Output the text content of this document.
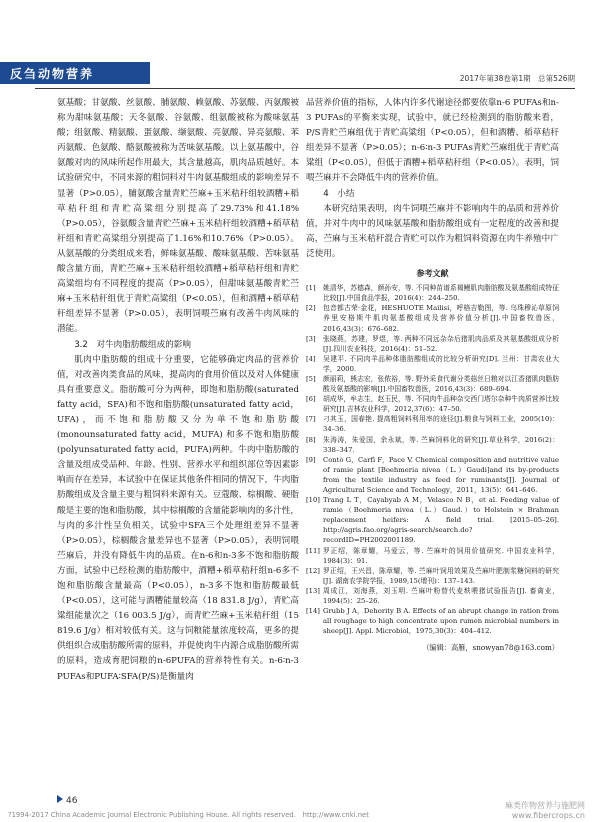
反刍动物营养	2017年第38卷第1期　总第526期

氨基酸；甘氨酸、丝氨酸、脯氨酸、赖氨酸、苏氨酸、丙氨酸被称为甜味氨基酸；天冬氨酸、谷氨酸、组氨酸被称为酸味氨基酸；组氨酸、精氨酸、蛋氨酸、缬氨酸、亮氨酸、异亮氨酸、苯丙氨酸、色氨酸、酪氨酸被称为苦味氨基酸。以上氨基酸中，谷氨酸对肉的风味所起作用最大，其含量越高，肌肉品质越好。本试验研究中，不同来源的粗饲料对牛肉氨基酸组成的影响差异不显著（P>0.05），脯氨酸含量青贮苎麻+玉米秸秆组较酒糟+稻草秸秆组和青贮高粱组分别提高了29.73%和41.18%（P>0.05），谷氨酸含量青贮苎麻+玉米秸秆组较酒糟+稻草秸秆组和青贮高粱组分别提高了1.16%和10.76%（P>0.05）。从氨基酸的分类组成来看，鲜味氨基酸、酸味氨基酸、苦味氨基酸含量方面，青贮苎麻+玉米秸秆组较酒糟+稻草秸秆组和青贮高粱组均有不同程度的提高（P>0.05），但甜味氨基酸青贮苎麻+玉米秸秆组优于青贮高粱组（P<0.05），但和酒糟+稻草秸秆组差异不显著（P>0.05），表明饲喂苎麻有改善牛肉风味的潜能。

3.2　对牛肉脂肪酸组成的影响

肌肉中脂肪酸的组成十分重要，它能够确定肉品的营养价值，对改善肉类食品的风味，提高肉的食用价值以及对人体健康具有重要意义。脂肪酸可分为两种，即饱和脂肪酸(saturated fatty acid，SFA)和不饱和脂肪酸(unsaturated fatty acid，UFA)，而不饱和脂肪酸又分为单不饱和脂肪酸(monounsaturated fatty acid，MUFA) 和多不饱和脂肪酸 (polyunsaturated fatty acid，PUFA)两种。牛肉中脂肪酸的含量及组成受品种、年龄、性别、营养水平和组织部位等因素影响而存在差异，本试验中在保证其他条件相同的情况下，牛肉脂肪酸组成及含量主要与粗饲料来源有关。豆蔻酸、棕榈酸、硬脂酸是主要的饱和脂肪酸，其中棕榈酸的含量能影响肉的多汁性，与肉的多汁性呈负相关，试验中SFA三个处理组差异不显著（P>0.05），棕榈酸含量差异也不显著（P>0.05），表明饲喂苎麻后，并没有降低牛肉的品质。在n-6和n-3多不饱和脂肪酸方面，试验中已经检测的脂肪酸中，酒糟+稻草秸秆组n-6多不饱和脂肪酸含量最高（P<0.05），n-3多不饱和脂肪酸最低（P<0.05），这可能与酒糟能量较高（18 831.8 J/g），青贮高粱组能量次之（16 003.5 J/g），而青贮苎麻+玉米秸秆组（15 819.6 J/g）相对较低有关。这与饲粮能量浓度较高，更多的提供组织合成脂肪酸所需的原料，并促使肉牛内源合成脂肪酸所需的原料，造成育肥饲粮的n-6PUFA的营养特性有关。n-6∶n-3 PUFAs和PUFA∶SFA(P/S)是衡量肉

品营养价值的指标，人体内许多代谢途径都要依靠n-6 PUFAs和n-3 PUFAs的平衡来实现，试验中，就已经检测到的脂肪酸来看，P/S青贮苎麻组优于青贮高粱组（P<0.05），但和酒糟、稻草秸秆组差异不显著（P>0.05）；n-6∶n-3 PUFAs青贮苎麻组优于青贮高粱组（P<0.05），但低于酒糟+稻草秸秆组（P<0.05）。表明，饲喂苎麻并不会降低牛肉的营养价值。

4　小结

本研究结果表明，肉牛饲喂苎麻并不影响肉牛的品质和营养价值，并对牛肉中的风味氨基酸和脂肪酸组成有一定程度的改善和提高，苎麻与玉米秸秆混合青贮可以作为粗饲料资源在肉牛养殖中广泛使用。

参考文献
[1]	姚清华，苏德森，颜孙安，等. 不同种苗谱系褐鳗肌肉脂肪酸及氨基酸组成特征比较[J].中国食品学报，2016(4)：244–250.
[2]	包音都古荣·金花，HESHUOTE Mailisi，呼格吉勒图，等. 乌珠穆沁草原饲养里安格斯牛肌肉氨基酸组成及营养价值分析[J].中国畜牧兽医，2016,43(3)：676–682.
[3]	张晓燕，苏建，罗煜，等. 两种不同远杂杂后猪肌肉品质及其氨基酸组成分析[J].四川农业科技，2016(4)：51–52.
[4]	吴建平. 不同肉羊品种体脂肪酸组成的比较分析研究[D]. 兰州：甘肃农业大学，2000.
[5]	颜丽莉，熊志宏，张侬裕，等. 野外采食代谢分类菇丝日粮对以江香猪肌肉脂肪酸及氨基酸的影响[J].中国畜牧兽医，2016,43(3)：689–694.
[6]	胡成华，牟志生，赵玉民，等. 不同肉牛品种杂交西门塔尔杂种牛肉质营养比较研究[J].吉林农业科学，2012,37(6)：47–50.
[7]	刁其玉，国春艳. 提高粗饲料利用率的途径[J].粮食与饲料工业，2005(10)：34–36.
[8]	朱涛涛，朱爱国，余永斌，等. 苎麻饲料化的研究[J].草业科学，2016(2)：338–347.
[9]	Contò G，Carfì F，Pace V. Chemical composition and nutritive value of ramie plant [Boehmeria nivea（L.）Gaudi]and its by-products from the textile industry as feed for ruminants[J]. Journal of Agricultural Science and Technology，2011，13(5)：641–646.
[10] Trang L T，Cayabyab A M，Velasco N B，et al. Feeding value of ramie（Boehmeria nivea（L.）Gaud.）to Holstein × Brahman replacement heifers: A field trial. [2015–05–26]. http://agris.fao.org/agris-search/search.do?recordID=PH2002001189.
[11] 罗正绍，陈章耀，马爱云，等. 苎麻叶的饲用价值研究. 中国农业科学，1984(3)：91.
[12] 罗正绍，王兴昌，陈章耀，等. 苎麻叶饲用效果及苎麻叶肥制浆糖饲料的研究[J]. 湖南农学院学报，1989,15(增刊)：137–143.
[13] 周成江，刘海燕，刘玉明. 苎麻叶粉替代麦麸喂猪试验报告[J]. 畜禽业，1994(5)：25–26.
[14] Grubb J A，Dehority B A. Effects of an abrupt change in ration from all roughage to high concentrate upon rumen microbial numbers in sheep[J]. Appl. Microbiol，1975,30(3)：404–412.
（编辑：高雁，snowyan78@163.com）
46
?1994-2017 China Academic Journal Electronic Publishing House. All rights reserved.　http://www.cnki.net
麻类作物营养与施肥网 www.fibercrops.cn
